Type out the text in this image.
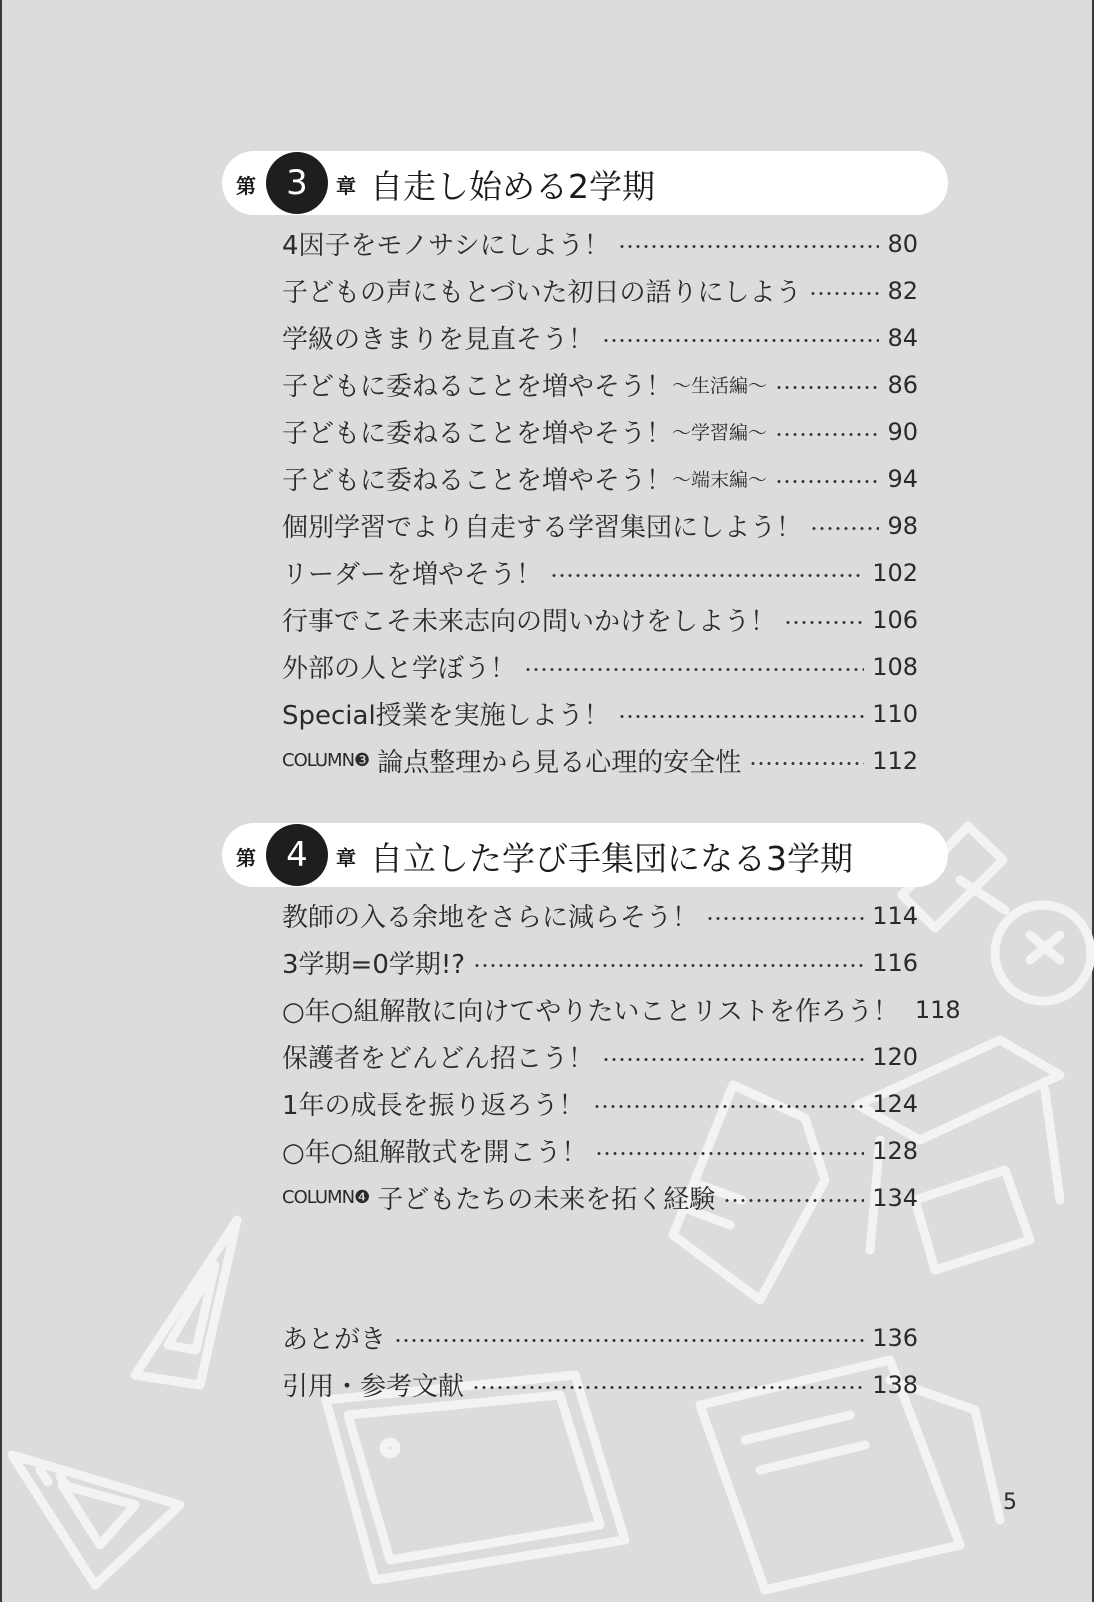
第 3	章 自走し始める2学期
4因子をモノサシにしよう！	80
子どもの声にもとづいた初日の語りにしよう	82
学級のきまりを見直そう！	84
子どもに委ねることを増やそう！ 〜生活編〜	86
子どもに委ねることを増やそう！ 〜学習編〜	90
子どもに委ねることを増やそう！ 〜端末編〜	94
個別学習でより自走する学習集団にしよう！	98
リーダーを増やそう！	102
行事でこそ未来志向の問いかけをしよう！	106
外部の人と学ぼう！	108
Special授業を実施しよう！	110
COLUMN❸ 論点整理から見る心理的安全性	112
第 4	章 自立した学び手集団になる3学期
教師の入る余地をさらに減らそう！	114
3学期=0学期!?	116
○年○組解散に向けてやりたいことリストを作ろう！ 118
保護者をどんどん招こう！	120
1年の成長を振り返ろう！	124
○年○組解散式を開こう！	128
COLUMN❹ 子どもたちの未来を拓く経験	134
あとがき	136
引用・参考文献	138
5
